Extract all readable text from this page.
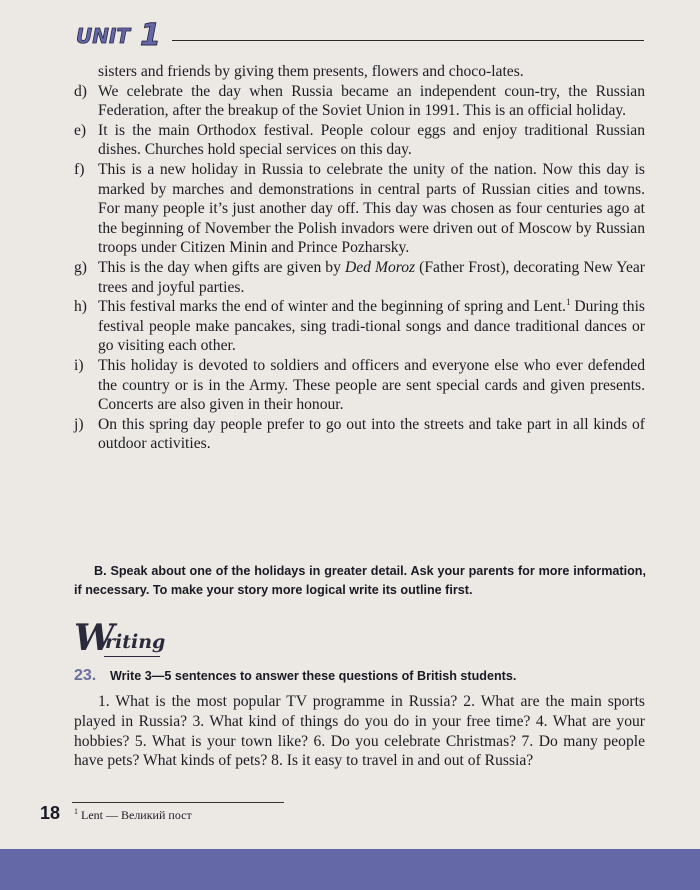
UNIT 1

sisters and friends by giving them presents, flowers and choco-lates.

d) We celebrate the day when Russia became an independent coun-try, the Russian Federation, after the breakup of the Soviet Union in 1991. This is an official holiday.

e) It is the main Orthodox festival. People colour eggs and enjoy traditional Russian dishes. Churches hold special services on this day.

f) This is a new holiday in Russia to celebrate the unity of the nation. Now this day is marked by marches and demonstrations in central parts of Russian cities and towns. For many people it’s just another day off. This day was chosen as four centuries ago at the beginning of November the Polish invadors were driven out of Moscow by Russian troops under Citizen Minin and Prince Pozharsky.

g) This is the day when gifts are given by Ded Moroz (Father Frost), decorating New Year trees and joyful parties.

h) This festival marks the end of winter and the beginning of spring and Lent.$^1$ During this festival people make pancakes, sing tradi-tional songs and dance traditional dances or go visiting each other.

i) This holiday is devoted to soldiers and officers and everyone else who ever defended the country or is in the Army. These people are sent special cards and given presents. Concerts are also given in their honour.

j) On this spring day people prefer to go out into the streets and take part in all kinds of outdoor activities.

B. Speak about one of the holidays in greater detail. Ask your parents for more information, if necessary. To make your story more logical write its outline first.
W
riting
23. Write 3—5 sentences to answer these questions of British students.

1. What is the most popular TV programme in Russia? 2. What are the main sports played in Russia? 3. What kind of things do you do in your free time? 4. What are your hobbies? 5. What is your town like? 6. Do you celebrate Christmas? 7. Do many people have pets? What kinds of pets? 8. Is it easy to travel in and out of Russia?

18 $^1$ Lent — Великий пост
